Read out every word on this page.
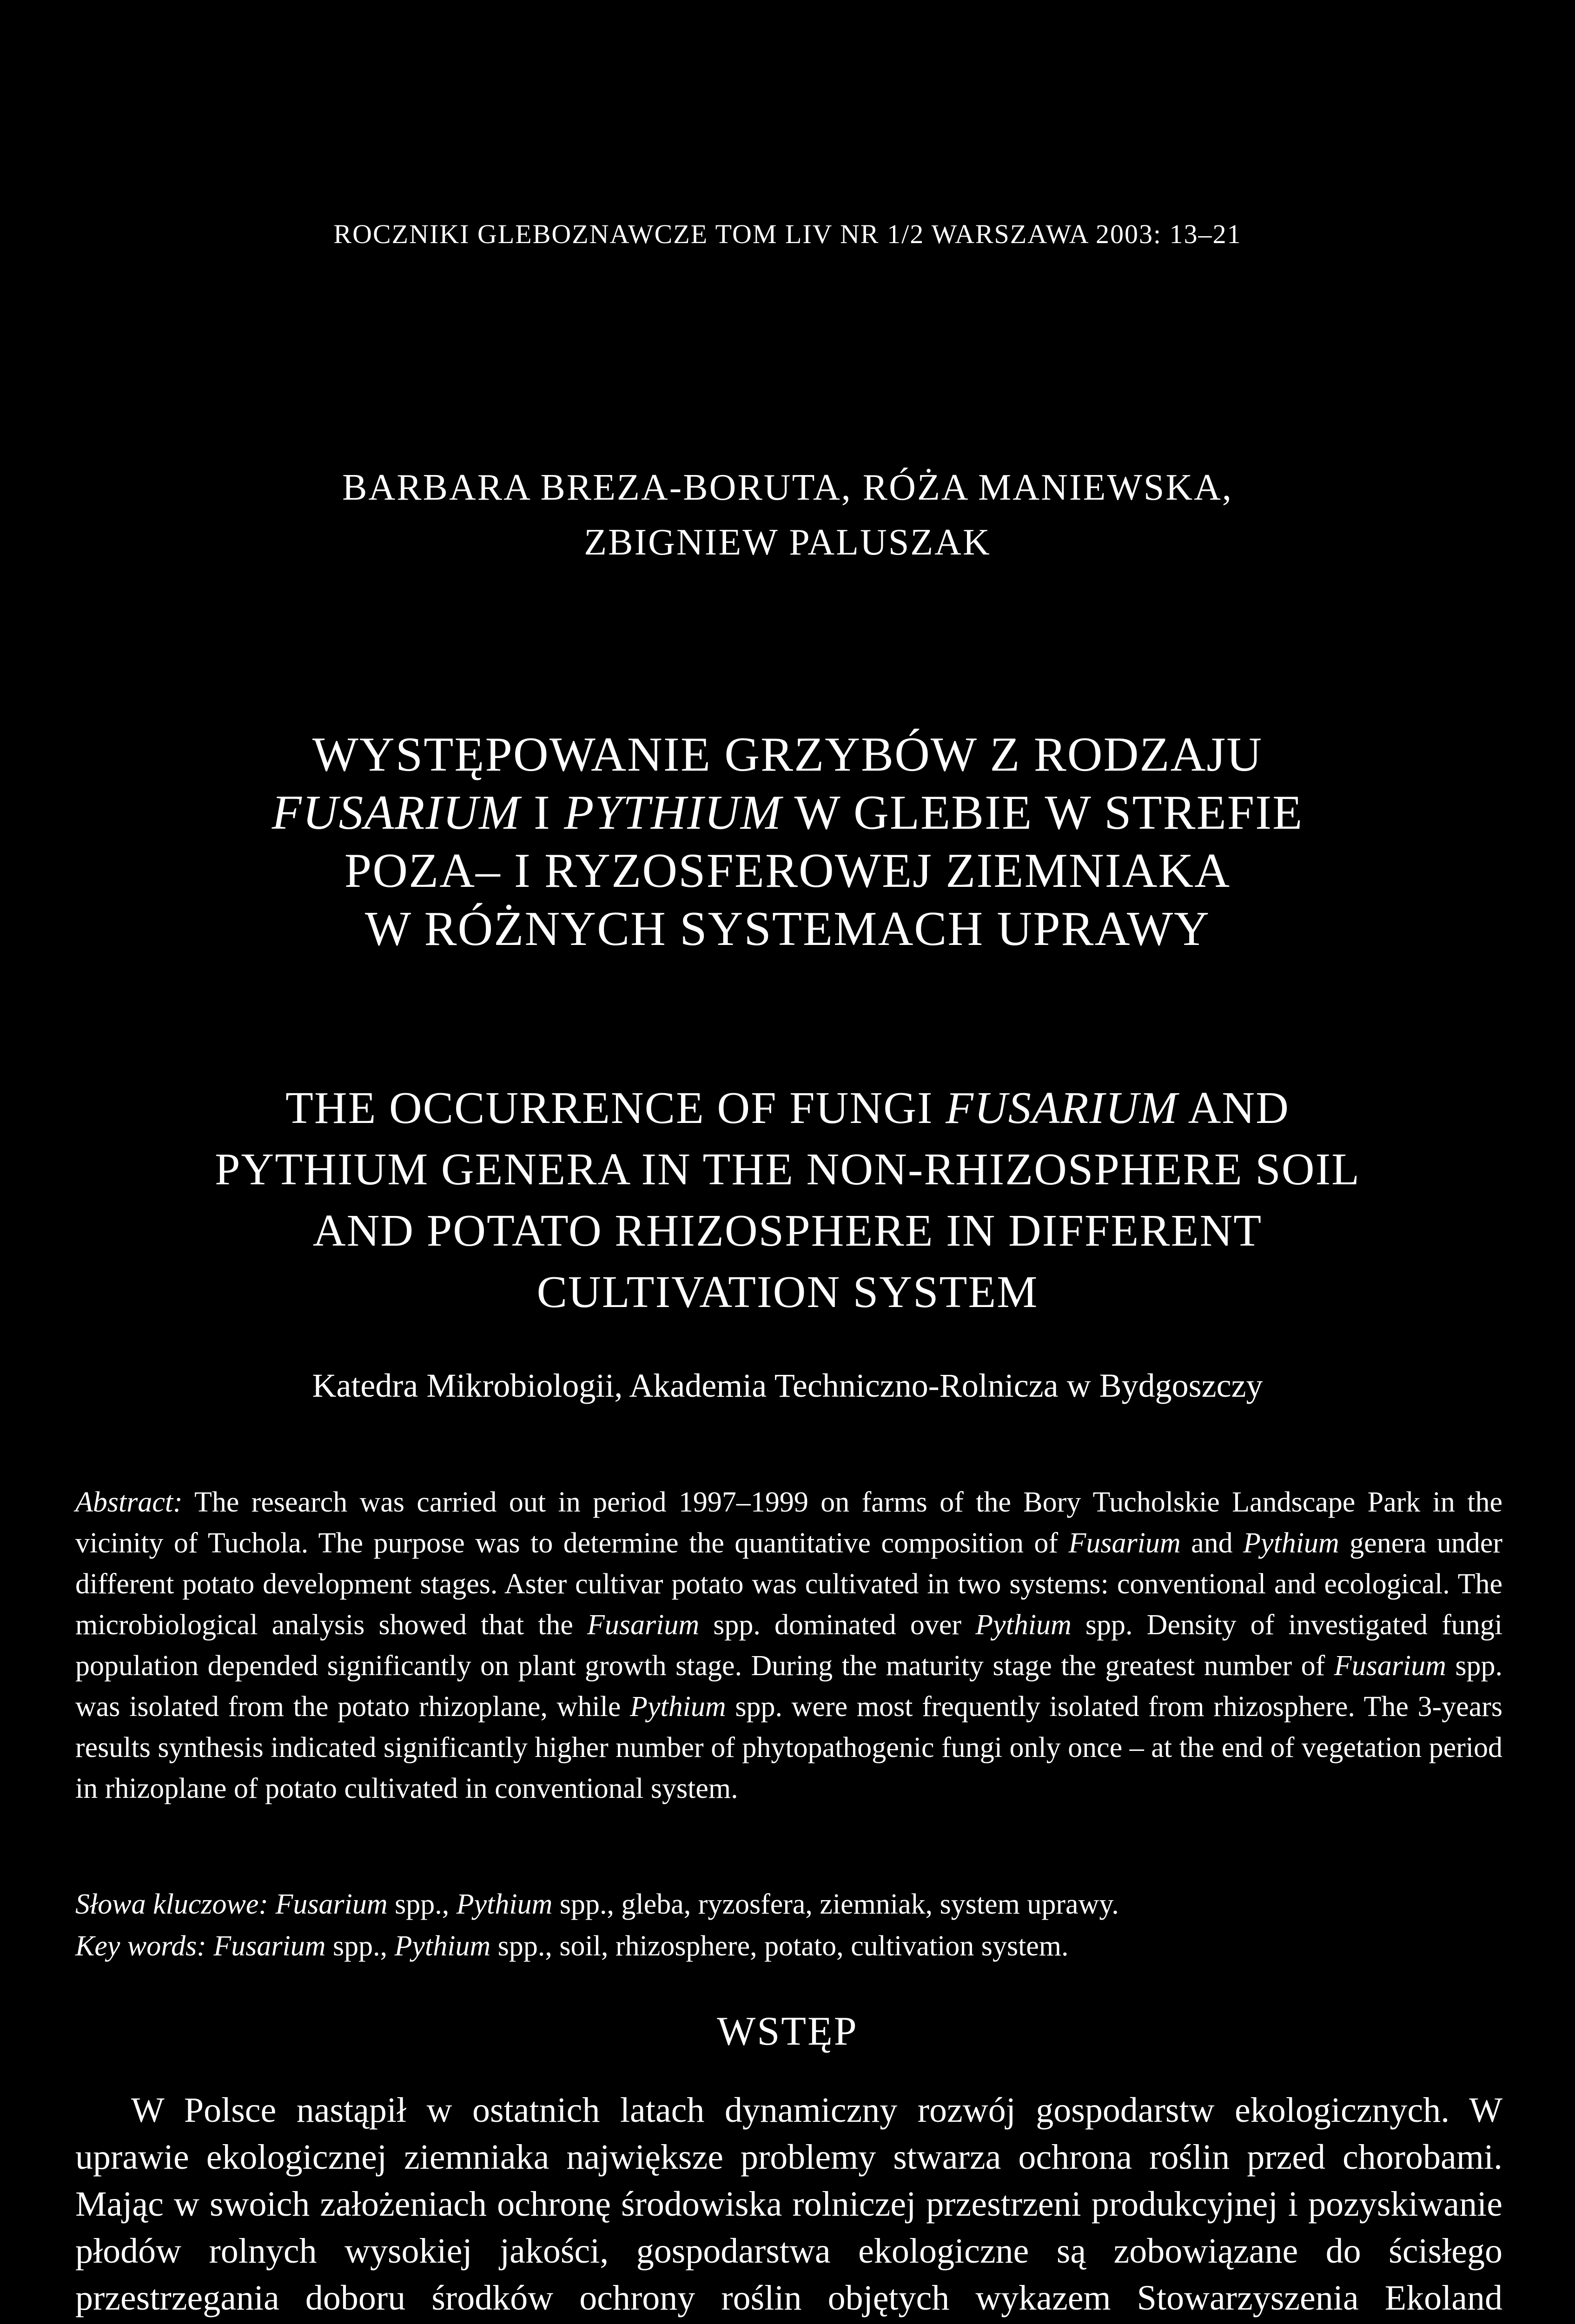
ROCZNIKI GLEBOZNAWCZE TOM LIV NR 1/2 WARSZAWA 2003: 13–21
BARBARA BREZA-BORUTA, RÓŻA MANIEWSKA,
ZBIGNIEW PALUSZAK
WYSTĘPOWANIE GRZYBÓW Z RODZAJU
FUSARIUM I PYTHIUM W GLEBIE W STREFIE
POZA– I RYZOSFEROWEJ ZIEMNIAKA
W RÓŻNYCH SYSTEMACH UPRAWY
THE OCCURRENCE OF FUNGI FUSARIUM AND
PYTHIUM GENERA IN THE NON-RHIZOSPHERE SOIL
AND POTATO RHIZOSPHERE IN DIFFERENT
CULTIVATION SYSTEM
Katedra Mikrobiologii, Akademia Techniczno-Rolnicza w Bydgoszczy

Abstract: The research was carried out in period 1997–1999 on farms of the Bory Tucholskie Landscape Park in the vicinity of Tuchola. The purpose was to determine the quantitative composition of Fusarium and Pythium genera under different potato development stages. Aster cultivar potato was cultivated in two systems: conventional and ecological. The microbiological analysis showed that the Fusarium spp. dominated over Pythium spp. Density of investigated fungi population depended significantly on plant growth stage. During the maturity stage the greatest number of Fusarium spp. was isolated from the potato rhizoplane, while Pythium spp. were most frequently isolated from rhizosphere. The 3-years results synthesis indicated significantly higher number of phytopathogenic fungi only once – at the end of vegetation period in rhizoplane of potato cultivated in conventional system.

Słowa kluczowe: Fusarium spp., Pythium spp., gleba, ryzosfera, ziemniak, system uprawy.

Key words: Fusarium spp., Pythium spp., soil, rhizosphere, potato, cultivation system.

WSTĘP

W Polsce nastąpił w ostatnich latach dynamiczny rozwój gospodarstw ekologicznych. W uprawie ekologicznej ziemniaka największe problemy stwarza ochrona roślin przed chorobami. Mając w swoich założeniach ochronę środowiska rolniczej przestrzeni produkcyjnej i pozyskiwanie płodów rolnych wysokiej jakości, gospodarstwa ekologiczne są zobowiązane do ścisłego przestrzegania doboru środków ochrony roślin objętych wykazem Stowarzyszenia Ekoland
